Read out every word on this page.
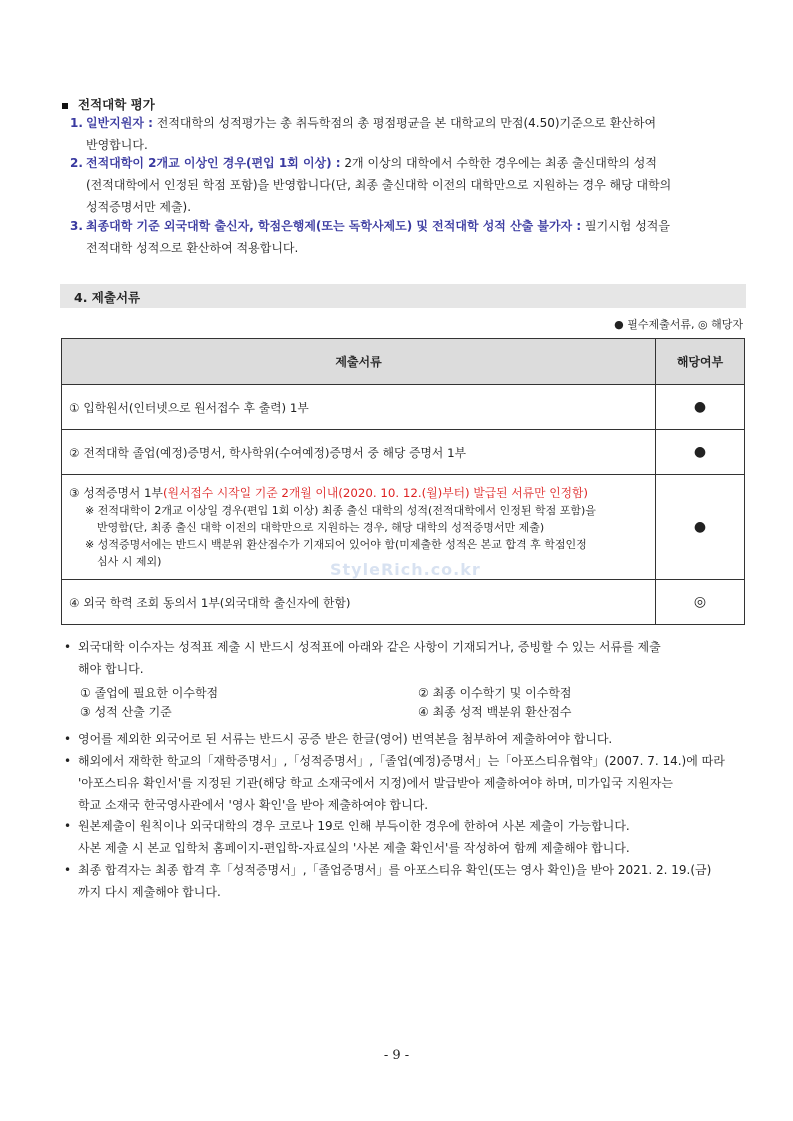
전적대학 평가
1. 일반지원자 : 전적대학의 성적평가는 총 취득학점의 총 평점평균을 본 대학교의 만점(4.50)기준으로 환산하여
반영합니다.
2. 전적대학이 2개교 이상인 경우(편입 1회 이상) : 2개 이상의 대학에서 수학한 경우에는 최종 출신대학의 성적
(전적대학에서 인정된 학점 포함)을 반영합니다(단, 최종 출신대학 이전의 대학만으로 지원하는 경우 해당 대학의
성적증명서만 제출).
3. 최종대학 기준 외국대학 출신자, 학점은행제(또는 독학사제도) 및 전적대학 성적 산출 불가자 : 필기시험 성적을
전적대학 성적으로 환산하여 적용합니다.
4. 제출서류
● 필수제출서류, ◎ 해당자
제출서류	해당여부
① 입학원서(인터넷으로 원서접수 후 출력) 1부	●
② 전적대학 졸업(예정)증명서, 학사학위(수여예정)증명서 중 해당 증명서 1부	●

③ 성적증명서 1부(원서접수 시작일 기준 2개월 이내(2020. 10. 12.(월)부터) 발급된 서류만 인정함)
※ 전적대학이 2개교 이상일 경우(편입 1회 이상) 최종 출신 대학의 성적(전적대학에서 인정된 학점 포함)을
반영함(단, 최종 출신 대학 이전의 대학만으로 지원하는 경우, 해당 대학의 성적증명서만 제출)
※ 성적증명서에는 반드시 백분위 환산점수가 기재되어 있어야 함(미제출한 성적은 본교 합격 후 학점인정
심사 시 제외)	●
④ 외국 학력 조회 동의서 1부(외국대학 출신자에 한함)	◎
StyleRich.co.kr
• 외국대학 이수자는 성적표 제출 시 반드시 성적표에 아래와 같은 사항이 기재되거나, 증빙할 수 있는 서류를 제출
해야 합니다.
① 졸업에 필요한 이수학점
③ 성적 산출 기준
② 최종 이수학기 및 이수학점
④ 최종 성적 백분위 환산점수
• 영어를 제외한 외국어로 된 서류는 반드시 공증 받은 한글(영어) 번역본을 첨부하여 제출하여야 합니다.
• 해외에서 재학한 학교의「재학증명서」,「성적증명서」,「졸업(예정)증명서」는「아포스티유협약」(2007. 7. 14.)에 따라
'아포스티유 확인서'를 지정된 기관(해당 학교 소재국에서 지정)에서 발급받아 제출하여야 하며, 미가입국 지원자는
학교 소재국 한국영사관에서 '영사 확인'을 받아 제출하여야 합니다.
• 원본제출이 원칙이나 외국대학의 경우 코로나 19로 인해 부득이한 경우에 한하여 사본 제출이 가능합니다.
사본 제출 시 본교 입학처 홈페이지-편입학-자료실의 '사본 제출 확인서'를 작성하여 함께 제출해야 합니다.
• 최종 합격자는 최종 합격 후「성적증명서」,「졸업증명서」를 아포스티유 확인(또는 영사 확인)을 받아 2021. 2. 19.(금)
까지 다시 제출해야 합니다.
- 9 -
